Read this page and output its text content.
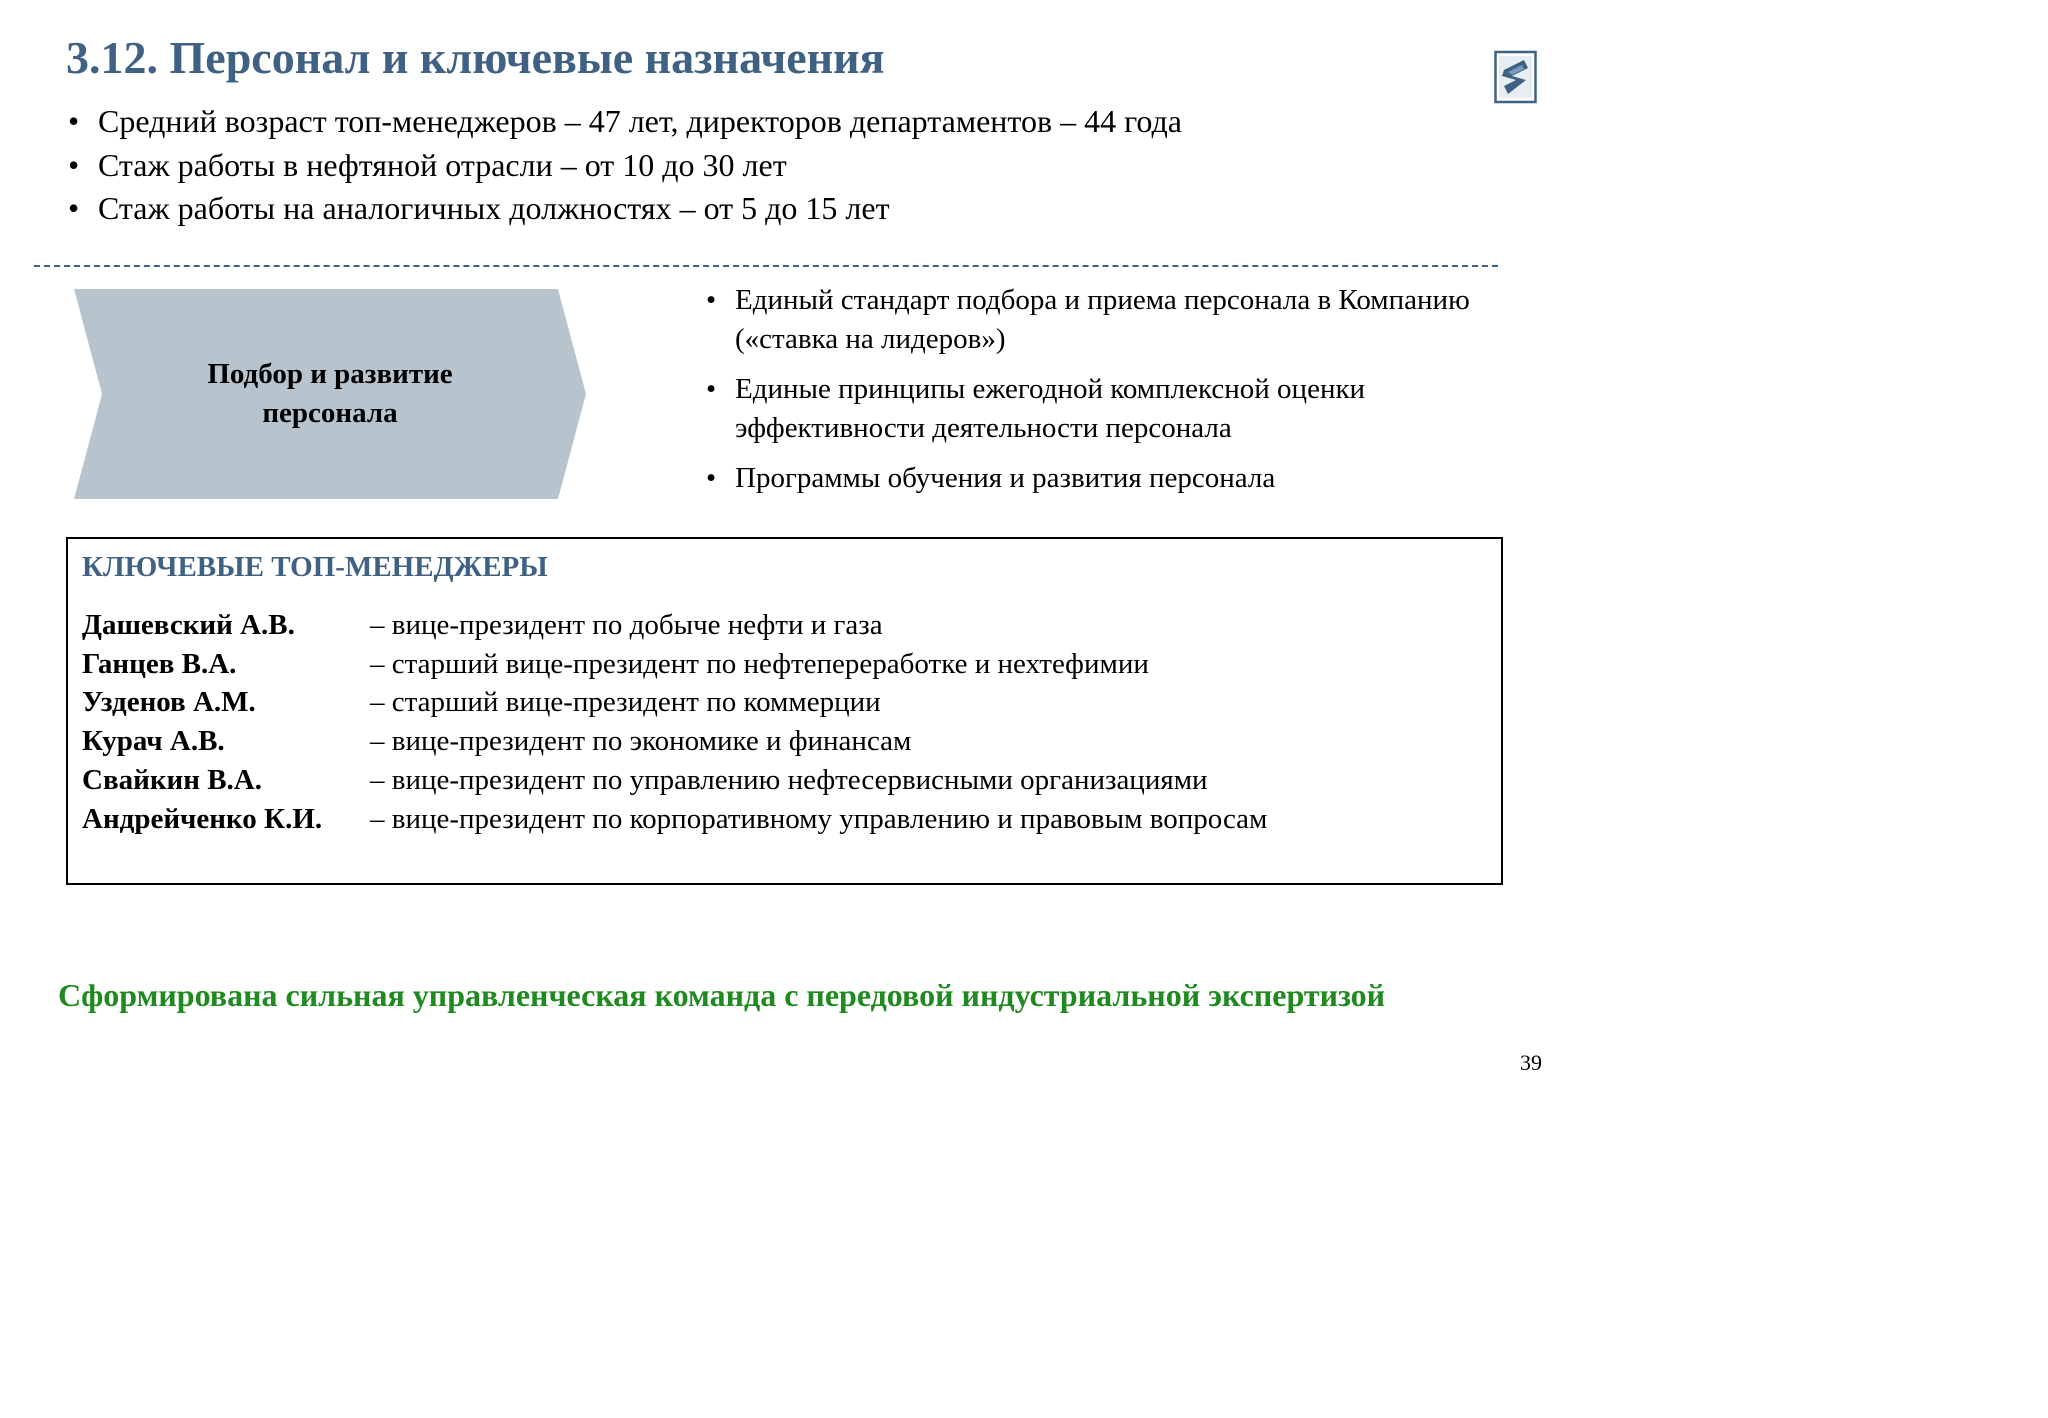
3.12. Персонал и ключевые назначения
• Средний возраст топ-менеджеров – 47 лет, директоров департаментов – 44 года
• Стаж работы в нефтяной отрасли – от 10 до 30 лет
• Стаж работы на аналогичных должностях – от 5 до 15 лет
Подбор и развитие
персонала
• Единый стандарт подбора и приема персонала в Компанию («ставка на лидеров»)
• Единые принципы ежегодной комплексной оценки эффективности деятельности персонала
• Программы обучения и развития персонала
КЛЮЧЕВЫЕ ТОП-МЕНЕДЖЕРЫ
Дашевский А.В.	– вице-президент по добыче нефти и газа
Ганцев В.А.	– старший вице-президент по нефтепереработке и нехтефимии
Узденов А.М.	– старший вице-президент по коммерции
Курач А.В.	– вице-президент по экономике и финансам
Свайкин В.А.	– вице-президент по управлению нефтесервисными организациями
Андрейченко К.И. – вице-президент по корпоративному управлению и правовым вопросам
Сформирована сильная управленческая команда с передовой индустриальной экспертизой
39
